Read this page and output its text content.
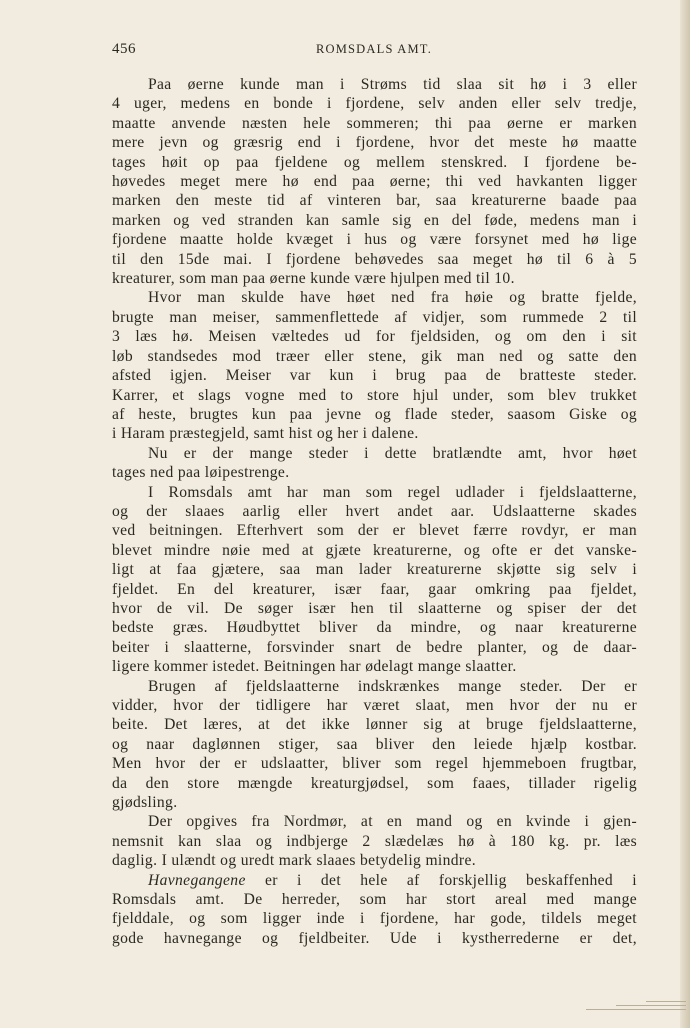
456	ROMSDALS AMT.
Paa øerne kunde man i Strøms tid slaa sit hø i 3 eller
4 uger, medens en bonde i fjordene, selv anden eller selv tredje,
maatte anvende næsten hele sommeren; thi paa øerne er marken
mere jevn og græsrig end i fjordene, hvor det meste hø maatte
tages høit op paa fjeldene og mellem stenskred. I fjordene be-
høvedes meget mere hø end paa øerne; thi ved havkanten ligger
marken den meste tid af vinteren bar, saa kreaturerne baade paa
marken og ved stranden kan samle sig en del føde, medens man i
fjordene maatte holde kvæget i hus og være forsynet med hø lige
til den 15de mai. I fjordene behøvedes saa meget hø til 6 à 5
kreaturer, som man paa øerne kunde være hjulpen med til 10.
Hvor man skulde have høet ned fra høie og bratte fjelde,
brugte man meiser, sammenflettede af vidjer, som rummede 2 til
3 læs hø. Meisen væltedes ud for fjeldsiden, og om den i sit
løb standsedes mod træer eller stene, gik man ned og satte den
afsted igjen. Meiser var kun i brug paa de bratteste steder.
Karrer, et slags vogne med to store hjul under, som blev trukket
af heste, brugtes kun paa jevne og flade steder, saasom Giske og
i Haram præstegjeld, samt hist og her i dalene.
Nu er der mange steder i dette bratlændte amt, hvor høet
tages ned paa løipestrenge.
I Romsdals amt har man som regel udlader i fjeldslaatterne,
og der slaaes aarlig eller hvert andet aar. Udslaatterne skades
ved beitningen. Efterhvert som der er blevet færre rovdyr, er man
blevet mindre nøie med at gjæte kreaturerne, og ofte er det vanske-
ligt at faa gjætere, saa man lader kreaturerne skjøtte sig selv i
fjeldet. En del kreaturer, især faar, gaar omkring paa fjeldet,
hvor de vil. De søger især hen til slaatterne og spiser der det
bedste græs. Høudbyttet bliver da mindre, og naar kreaturerne
beiter i slaatterne, forsvinder snart de bedre planter, og de daar-
ligere kommer istedet. Beitningen har ødelagt mange slaatter.
Brugen af fjeldslaatterne indskrænkes mange steder. Der er
vidder, hvor der tidligere har været slaat, men hvor der nu er
beite. Det læres, at det ikke lønner sig at bruge fjeldslaatterne,
og naar daglønnen stiger, saa bliver den leiede hjælp kostbar.
Men hvor der er udslaatter, bliver som regel hjemmeboen frugtbar,
da den store mængde kreaturgjødsel, som faaes, tillader rigelig
gjødsling.
Der opgives fra Nordmør, at en mand og en kvinde i gjen-
nemsnit kan slaa og indbjerge 2 slædelæs hø à 180 kg. pr. læs
daglig. I ulændt og uredt mark slaaes betydelig mindre.
Havnegangene er i det hele af forskjellig beskaffenhed i
Romsdals amt. De herreder, som har stort areal med mange
fjelddale, og som ligger inde i fjordene, har gode, tildels meget
gode havnegange og fjeldbeiter. Ude i kystherrederne er det,
